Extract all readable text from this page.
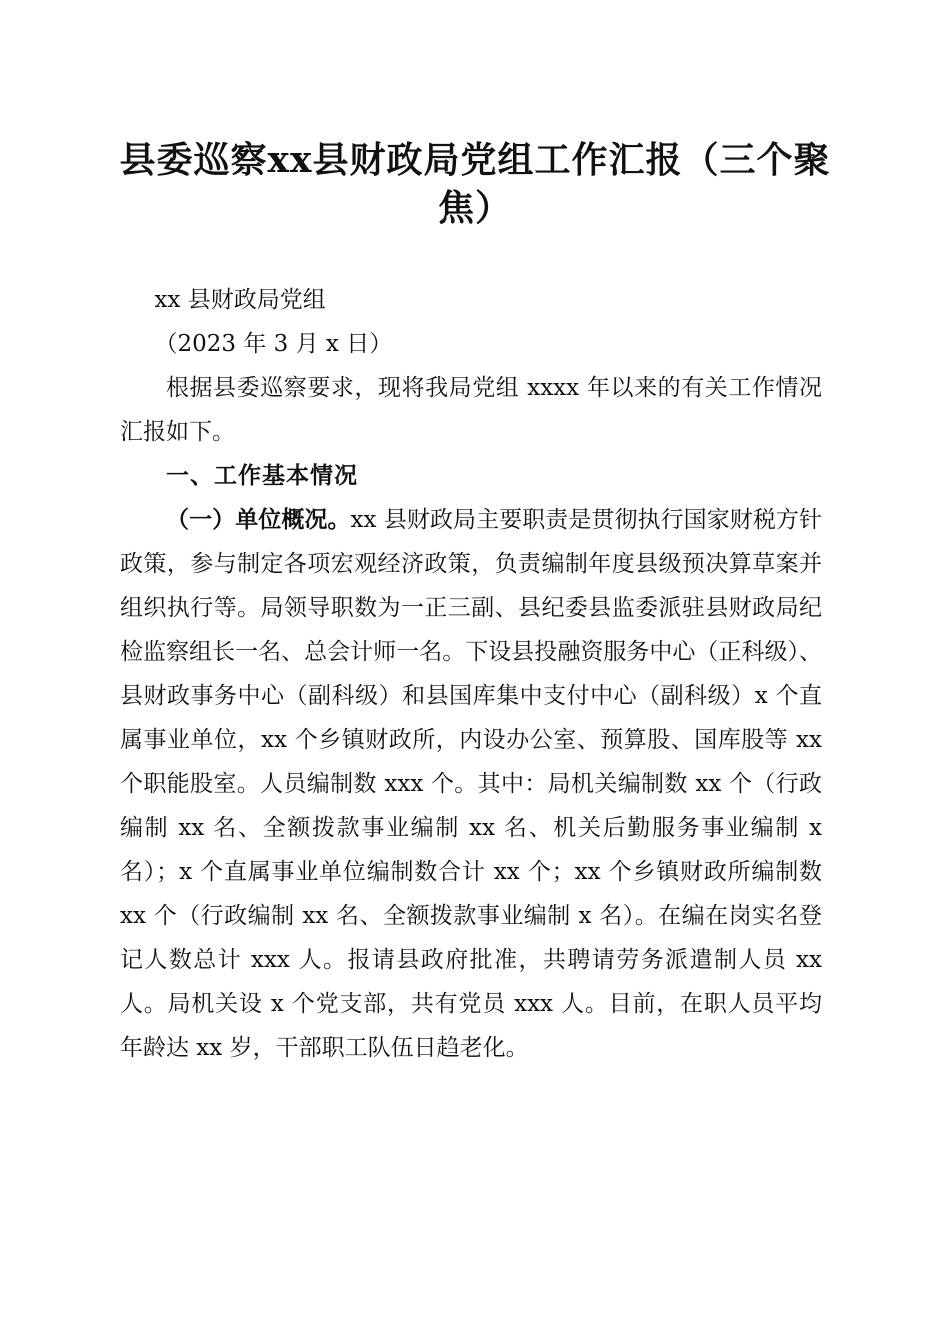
县委巡察xx县财政局党组工作汇报（三个聚焦）

xx 县财政局党组

（2023 年 3 月 x 日）

根据县委巡察要求，现将我局党组 xxxx 年以来的有关工作情况汇报如下。

一、工作基本情况

（一）单位概况。xx 县财政局主要职责是贯彻执行国家财税方针政策，参与制定各项宏观经济政策，负责编制年度县级预决算草案并组织执行等。局领导职数为一正三副、县纪委县监委派驻县财政局纪检监察组长一名、总会计师一名。下设县投融资服务中心（正科级）、县财政事务中心（副科级）和县国库集中支付中心（副科级）x 个直属事业单位，xx 个乡镇财政所，内设办公室、预算股、国库股等 xx 个职能股室。人员编制数 xxx 个。其中：局机关编制数 xx 个（行政编制 xx 名、全额拨款事业编制 xx 名、机关后勤服务事业编制 x 名）；x 个直属事业单位编制数合计 xx 个；xx 个乡镇财政所编制数 xx 个（行政编制 xx 名、全额拨款事业编制 x 名）。在编在岗实名登记人数总计 xxx 人。报请县政府批准，共聘请劳务派遣制人员 xx 人。局机关设 x 个党支部，共有党员 xxx 人。目前，在职人员平均年龄达 xx 岁，干部职工队伍日趋老化。
